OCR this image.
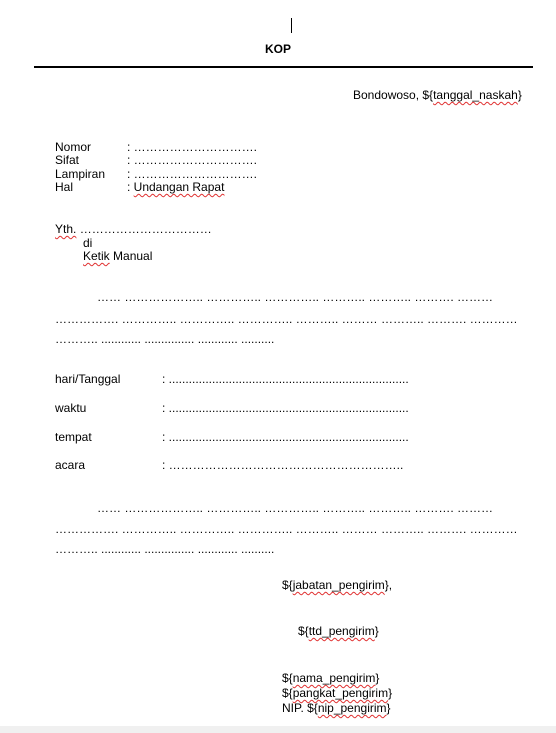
KOP
Bondowoso, ${tanggal_naskah}
Nomor	: ………………………….
Sifat	: ………………………….
Lampiran : ………………………….
Hal	: Undangan Rapat
Yth. ……………………………
di
Ketik Manual
…… ……………….. ………….. ………….. ……….. ……….. ………. ………
……………. ………….. ………….. ………….. ……….. ……… ……….. ………. …………
……….. ............ ............... ............ ..........
hari/Tanggal	: ........................................................................
waktu	: ........................................................................
tempat	: ........................................................................
acara	: …………………………………………………..
…… ……………….. ………….. ………….. ……….. ……….. ………. ………
……………. ………….. ………….. ………….. ……….. ……… ……….. ………. …………
……….. ............ ............... ............ ..........
${jabatan_pengirim},
${ttd_pengirim}
${nama_pengirim}
${pangkat_pengirim}
NIP. ${nip_pengirim}
